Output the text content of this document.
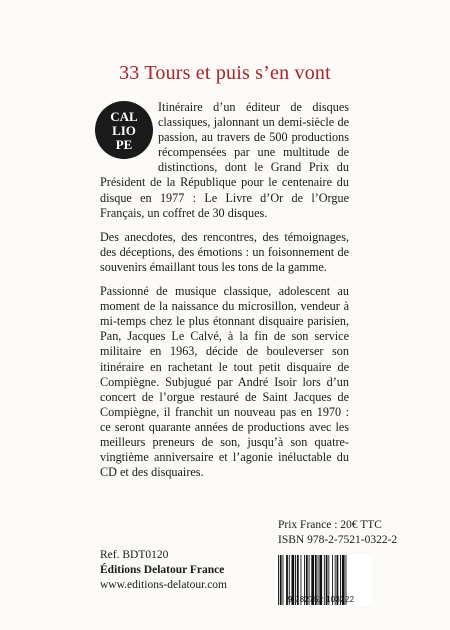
33 Tours et puis s’en vont
CAL
LIO
PE

Itinéraire d’un éditeur de disques classiques, jalonnant un demi-siècle de passion, au travers de 500 productions récompensées par une multitude de distinctions, dont le Grand Prix du Président de la République pour le centenaire du disque en 1977 : Le Livre d’Or de l’Orgue Français, un coffret de 30 disques.

Des anecdotes, des rencontres, des témoignages, des déceptions, des émotions : un foisonnement de souvenirs émaillant tous les tons de la gamme.

Passionné de musique classique, adolescent au moment de la naissance du microsillon, vendeur à mi-temps chez le plus étonnant disquaire parisien, Pan, Jacques Le Calvé, à la fin de son service militaire en 1963, décide de bouleverser son itinéraire en rachetant le tout petit disquaire de Compiègne. Subjugué par André Isoir lors d’un concert de l’orgue restauré de Saint Jacques de Compiègne, il franchit un nouveau pas en 1970 : ce seront quarante années de productions avec les meilleurs preneurs de son, jusqu’à son quatre-vingtième anniversaire et l’agonie inéluctable du CD et des disquaires.

Prix France : 20€ TTC
ISBN 978-2-7521-0322-2
Ref. BDT0120
Éditions Delatour France
www.editions-delatour.com
9 782752 103222
